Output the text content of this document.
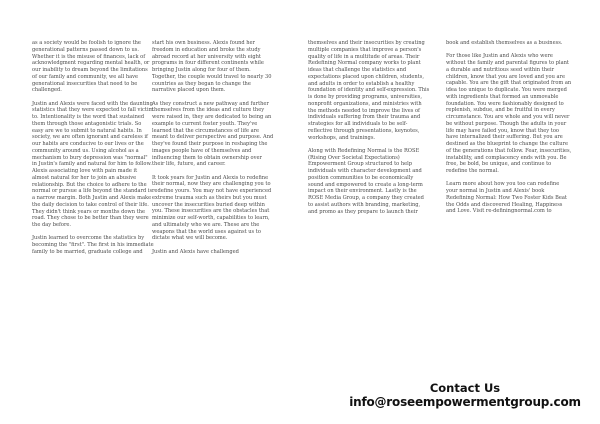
as a society would be foolish to ignore the generational patterns passed down to us. Whether it is the misuse of finances, lack of acknowledgment regarding mental health, or our inability to dream beyond the limitations of our family and community, we all have generational insecurities that need to be challenged.

Justin and Alexis were faced with the daunting statistics that they were expected to fall victim to. Intentionality is the word that sustained them through those antagonistic trials. So easy are we to submit to natural habits. In society, we are often ignorant and careless if our habits are conducive to our lives or the community around us. Using alcohol as a mechanism to bury depression was "normal" in Justin's family and natural for him to follow. Alexis associating love with pain made it almost natural for her to join an abusive relationship. But the choice to adhere to the normal or pursue a life beyond the standard is a narrow margin. Both Justin and Alexis make the daily decision to take control of their life. They didn't think years or months down the road. They chose to be better than they were the day before.

Justin learned to overcome the statistics by becoming the "first". The first in his immediate family to be married, graduate college and

start his own business. Alexis found her freedom in education and broke the study abroad record at her university with eight programs in four different continents while bringing Justin along for four of them. Together, the couple would travel to nearly 30 countries as they began to change the narrative placed upon them.

As they construct a new pathway and further themselves from the ideas and culture they were raised in, they are dedicated to being an example to current foster youth. They've learned that the circumstances of life are meant to deliver perspective and purpose. And they've found their purpose in reshaping the images people have of themselves and influencing them to obtain ownership over their life, future, and career.

It took years for Justin and Alexis to redefine their normal, now they are challenging you to redefine yours. You may not have experienced extreme trauma such as theirs but you must uncover the insecurities buried deep within you. These insecurities are the obstacles that minimize our self-worth, capabilities to learn, and ultimately who we are. These are the weapons that the world uses against us to dictate what we will become.

Justin and Alexis have challenged

themselves and their insecurities by creating multiple companies that improve a person's quality of life in a multitude of areas. Their Redefining Normal company works to plant ideas that challenge the statistics and expectations placed upon children, students, and adults in order to establish a healthy foundation of identity and self-expression. This is done by providing programs, universities, nonprofit organizations, and ministries with the methods needed to improve the lives of individuals suffering from their trauma and strategies for all individuals to be self-reflective through presentations, keynotes, workshops, and trainings.

Along with Redefining Normal is the ROSE (Rising Over Societal Expectations) Empowerment Group structured to help individuals with character development and position communities to be economically sound and empowered to create a long-term impact on their environment. Lastly is the ROSE Media Group, a company they created to assist authors with branding, marketing, and promo as they prepare to launch their

book and establish themselves as a business.

For those like Justin and Alexis who were without the family and parental figures to plant a durable and nutritious seed within their children, know that you are loved and you are capable. You are the gift that originated from an idea too unique to duplicate. You were merged with ingredients that formed an unmovable foundation. You were fashionably designed to replenish, subdue, and be fruitful in every circumstance. You are whole and you will never be without purpose. Though the adults in your life may have failed you, know that they too have internalized their suffering. But you are destined as the blueprint to change the culture of the generations that follow. Fear, insecurities, instability, and complacency ends with you. Be free, be bold, be unique, and continue to redefine the normal.

Learn more about how you too can redefine your normal in Justin and Alexis' book Redefining Normal: How Two Foster Kids Beat the Odds and discovered Healing, Happiness and Love. Visit re-definingnormal.com to

Contact Us
info@roseempowermentgroup.com
